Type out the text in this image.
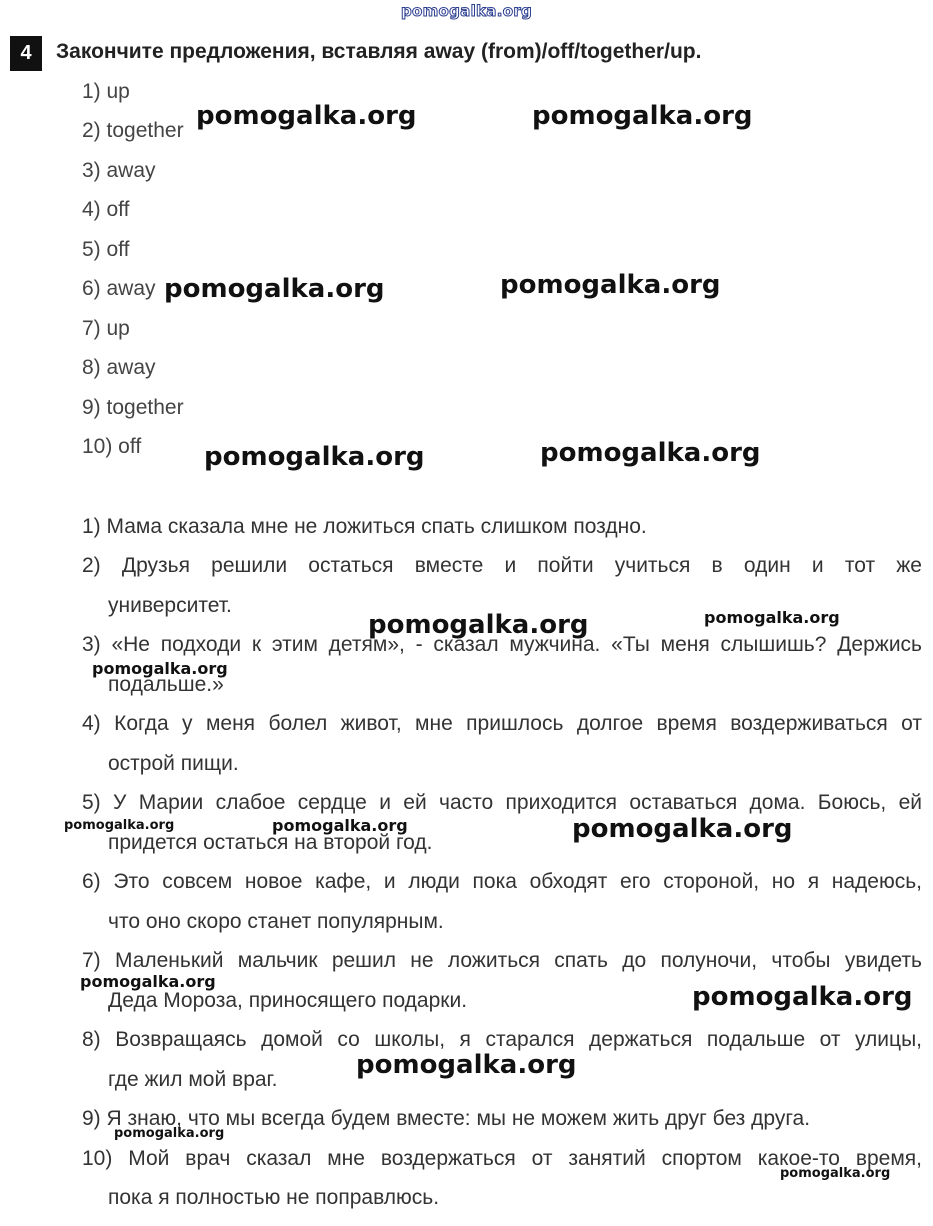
pomogalka.org
4	Закончите предложения, вставляя away (from)/off/together/up.
1) up
2) together
3) away
4) off
5) off
6) away
7) up
8) away
9) together
10) off
1) Мама сказала мне не ложиться спать слишком поздно.
2) Друзья решили остаться вместе и пойти учиться в один и тот же
университет.
3) «Не подходи к этим детям», - сказал мужчина. «Ты меня слышишь? Держись
подальше.»
4) Когда у меня болел живот, мне пришлось долгое время воздерживаться от
острой пищи.
5) У Марии слабое сердце и ей часто приходится оставаться дома. Боюсь, ей
придется остаться на второй год.
6) Это совсем новое кафе, и люди пока обходят его стороной, но я надеюсь,
что оно скоро станет популярным.
7) Маленький мальчик решил не ложиться спать до полуночи, чтобы увидеть
Деда Мороза, приносящего подарки.
8) Возвращаясь домой со школы, я старался держаться подальше от улицы,
где жил мой враг.
9) Я знаю, что мы всегда будем вместе: мы не можем жить друг без друга.
10) Мой врач сказал мне воздержаться от занятий спортом какое-то время,
пока я полностью не поправлюсь.
pomogalka.org	pomogalka.org
pomogalka.org	pomogalka.org
pomogalka.org	pomogalka.org
pomogalka.org	pomogalka.org
pomogalka.org
pomogalka.org	pomogalka.org	pomogalka.org
pomogalka.org
pomogalka.org
pomogalka.org
pomogalka.org
pomogalka.org
